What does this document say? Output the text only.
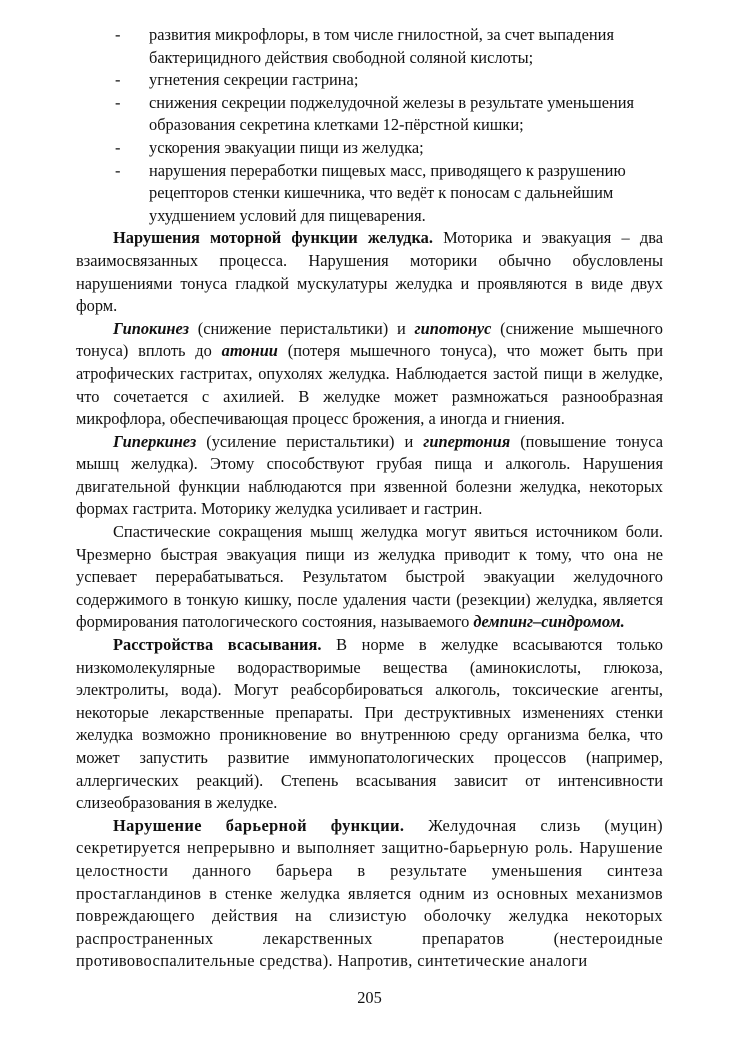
- развития микрофлоры, в том числе гнилостной, за счет выпадения бактерицидного действия свободной соляной кислоты;
- угнетения секреции гастрина;
- снижения секреции поджелудочной железы в результате уменьшения образования секретина клетками 12-пёрстной кишки;
- ускорения эвакуации пищи из желудка;
- нарушения переработки пищевых масс, приводящего к разрушению рецепторов стенки кишечника, что ведёт к поносам с дальнейшим ухудшением условий для пищеварения.

Нарушения моторной функции желудка. Моторика и эвакуация – два взаимосвязанных процесса. Нарушения моторики обычно обусловлены нарушениями тонуса гладкой мускулатуры желудка и проявляются в виде двух форм.

Гипокинез (снижение перистальтики) и гипотонус (снижение мышечного тонуса) вплоть до атонии (потеря мышечного тонуса), что может быть при атрофических гастритах, опухолях желудка. Наблюдается застой пищи в желудке, что сочетается с ахилией. В желудке может размножаться разнообразная микрофлора, обеспечивающая процесс брожения, а иногда и гниения.

Гиперкинез (усиление перистальтики) и гипертония (повышение тонуса мышц желудка). Этому способствуют грубая пища и алкоголь. Нарушения двигательной функции наблюдаются при язвенной болезни желудка, некоторых формах гастрита. Моторику желудка усиливает и гастрин.

Спастические сокращения мышц желудка могут явиться источником боли. Чрезмерно быстрая эвакуация пищи из желудка приводит к тому, что она не успевает перерабатываться. Результатом быстрой эвакуации желудочного содержимого в тонкую кишку, после удаления части (резекции) желудка, является формирования патологического состояния, называемого демпинг–синдромом.

Расстройства всасывания. В норме в желудке всасываются только низкомолекулярные водорастворимые вещества (аминокислоты, глюкоза, электролиты, вода). Могут реабсорбироваться алкоголь, токсические агенты, некоторые лекарственные препараты. При деструктивных изменениях стенки желудка возможно проникновение во внутреннюю среду организма белка, что может запустить развитие иммунопатологических процессов (например, аллергических реакций). Степень всасывания зависит от интенсивности слизеобразования в желудке.

Нарушение барьерной функции. Желудочная слизь (муцин) секретируется непрерывно и выполняет защитно-барьерную роль. Нарушение целостности данного барьера в результате уменьшения синтеза простагландинов в стенке желудка является одним из основных механизмов повреждающего действия на слизистую оболочку желудка некоторых распространенных лекарственных препаратов (нестероидные противовоспалительные средства). Напротив, синтетические аналоги

205
